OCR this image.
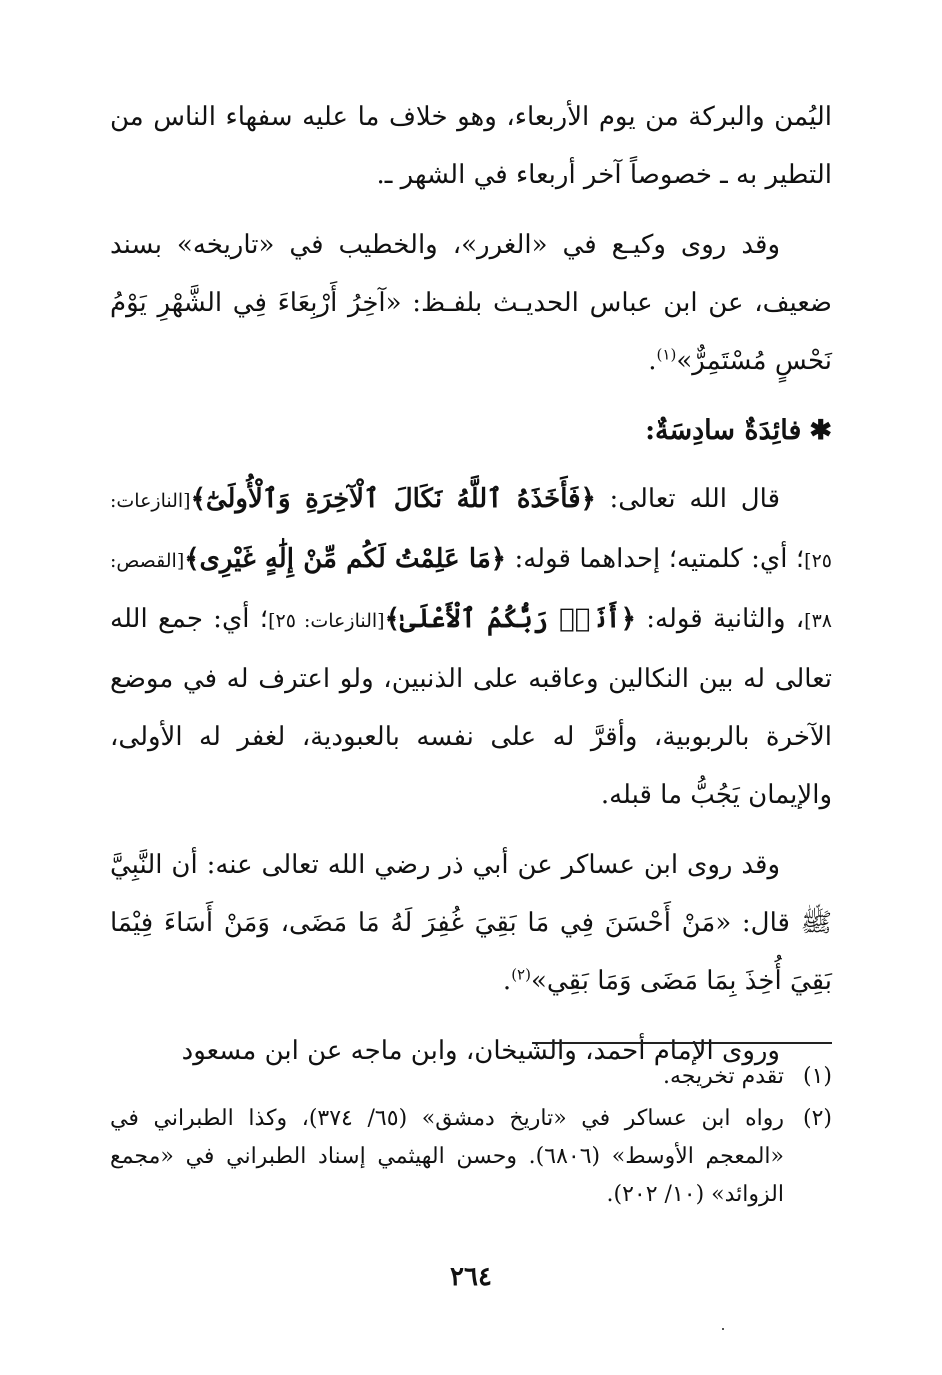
اليُمن والبركة من يوم الأربعاء، وهو خلاف ما عليه سفهاء الناس من التطير به ـ خصوصاً آخر أربعاء في الشهر ـ.

وقد روى وكيـع في «الغرر»، والخطيب في «تاريخه» بسند ضعيف، عن ابن عباس الحديـث بلفـظ: «آخِرُ أَرْبِعَاءَ فِي الشَّهْرِ يَوْمُ نَحْسٍ مُسْتَمِرٌّ»$^{(١)}$.

✱فائِدَةٌ سادِسَةٌ:

قال الله تعالى: ﴿فَأَخَذَهُ ٱللَّهُ نَكَالَ ٱلْآخِرَةِ وَٱلْأُولَىٰٓ﴾[النازعات: ٢٥]؛ أي: كلمتيه؛ إحداهما قوله: ﴿مَا عَلِمْتُ لَكُم مِّنْ إِلَٰهٍ غَيْرِى﴾[القصص: ٣٨]، والثانية قوله: ﴿أَنَا۠ رَبُّكُمُ ٱلْأَعْلَىٰ﴾[النازعات: ٢٥]؛ أي: جمع الله تعالى له بين النكالين وعاقبه على الذنبين، ولو اعترف له في موضع الآخرة بالربوبية، وأقرَّ له على نفسه بالعبودية، لغفر له الأولى، والإيمان يَجُبُّ ما قبله.

وقد روى ابن عساكر عن أبي ذر رضي الله تعالى عنه: أن النَّبِيَّ ﷺ قال: «مَنْ أَحْسَنَ فِي مَا بَقِيَ غُفِرَ لَهُ مَا مَضَى، وَمَنْ أَسَاءَ فِيْمَا بَقِيَ أُخِذَ بِمَا مَضَى وَمَا بَقِي»$^{(٢)}$.

وروى الإمام أحمد، والشيخان، وابن ماجه عن ابن مسعود

(١)
تقدم تخريجه.
(٢)
رواه ابن عساكر في «تاريخ دمشق» (٦٥/ ٣٧٤)، وكذا الطبراني في «المعجم الأوسط» (٦٨٠٦). وحسن الهيثمي إسناد الطبراني في «مجمع الزوائد» (١٠/ ٢٠٢).
٢٦٤
